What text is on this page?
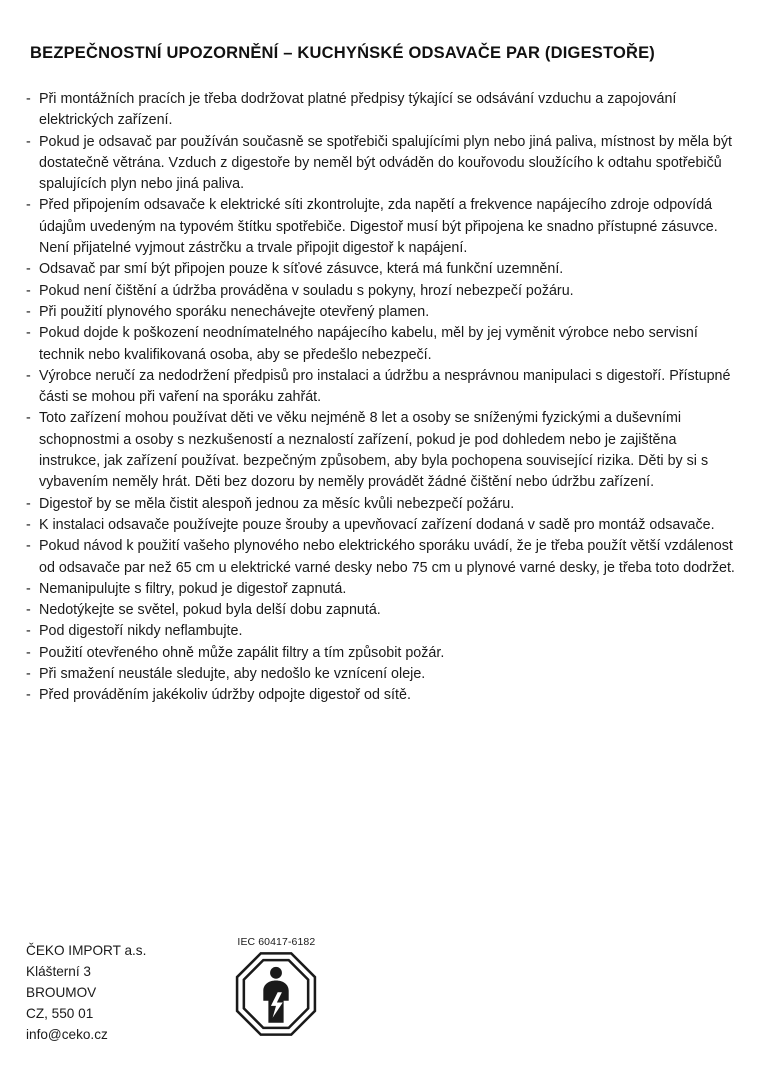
BEZPEČNOSTNÍ UPOZORNĚNÍ – KUCHYŃSKÉ ODSAVAČE PAR (DIGESTOŘE)
- Při montážních pracích je třeba dodržovat platné předpisy týkající se odsávání vzduchu a zapojování elektrických zařízení.
- Pokud je odsavač par používán současně se spotřebiči spalujícími plyn nebo jiná paliva, místnost by měla být dostatečně větrána. Vzduch z digestoře by neměl být odváděn do kouřovodu sloužícího k odtahu spotřebičů spalujících plyn nebo jiná paliva.
- Před připojením odsavače k elektrické síti zkontrolujte, zda napětí a frekvence napájecího zdroje odpovídá údajům uvedeným na typovém štítku spotřebiče. Digestoř musí být připojena ke snadno přístupné zásuvce. Není přijatelné vyjmout zástrčku a trvale připojit digestoř k napájení.
- Odsavač par smí být připojen pouze k síťové zásuvce, která má funkční uzemnění.
- Pokud není čištění a údržba prováděna v souladu s pokyny, hrozí nebezpečí požáru.
- Při použití plynového sporáku nenechávejte otevřený plamen.
- Pokud dojde k poškození neodnímatelného napájecího kabelu, měl by jej vyměnit výrobce nebo servisní technik nebo kvalifikovaná osoba, aby se předešlo nebezpečí.
- Výrobce neručí za nedodržení předpisů pro instalaci a údržbu a nesprávnou manipulaci s digestoří. Přístupné části se mohou při vaření na sporáku zahřát.
- Toto zařízení mohou používat děti ve věku nejméně 8 let a osoby se sníženými fyzickými a duševními schopnostmi a osoby s nezkušeností a neznalostí zařízení, pokud je pod dohledem nebo je zajištěna instrukce, jak zařízení používat. bezpečným způsobem, aby byla pochopena související rizika. Děti by si s vybavením neměly hrát. Děti bez dozoru by neměly provádět žádné čištění nebo údržbu zařízení.
- Digestoř by se měla čistit alespoň jednou za měsíc kvůli nebezpečí požáru.
- K instalaci odsavače používejte pouze šrouby a upevňovací zařízení dodaná v sadě pro montáž odsavače.
- Pokud návod k použití vašeho plynového nebo elektrického sporáku uvádí, že je třeba použít větší vzdálenost od odsavače par než 65 cm u elektrické varné desky nebo 75 cm u plynové varné desky, je třeba toto dodržet.
- Nemanipulujte s filtry, pokud je digestoř zapnutá.
- Nedotýkejte se světel, pokud byla delší dobu zapnutá.
- Pod digestoří nikdy neflambujte.
- Použití otevřeného ohně může zapálit filtry a tím způsobit požár.
- Při smažení neustále sledujte, aby nedošlo ke vznícení oleje.
- Před prováděním jakékoliv údržby odpojte digestoř od sítě.
ČEKO IMPORT a.s.
Klášterní 3
BROUMOV
CZ, 550 01
info@ceko.cz
IEC 60417-6182
